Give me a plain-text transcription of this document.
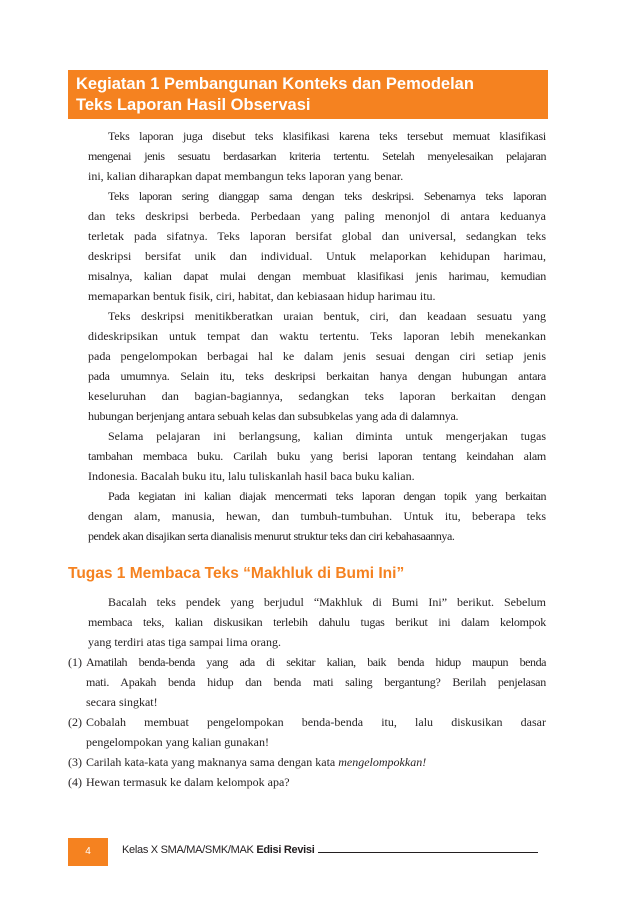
Kegiatan 1 Pembangunan Konteks dan Pemodelan
Teks Laporan Hasil Observasi
Teks laporan juga disebut teks klasifikasi karena teks tersebut memuat klasifikasi
mengenai jenis sesuatu berdasarkan kriteria tertentu. Setelah menyelesaikan pelajaran
ini, kalian diharapkan dapat membangun teks laporan yang benar.
Teks laporan sering dianggap sama dengan teks deskripsi. Sebenarnya teks laporan
dan teks deskripsi berbeda. Perbedaan yang paling menonjol di antara keduanya
terletak pada sifatnya. Teks laporan bersifat global dan universal, sedangkan teks
deskripsi bersifat unik dan individual. Untuk melaporkan kehidupan harimau,
misalnya, kalian dapat mulai dengan membuat klasifikasi jenis harimau, kemudian
memaparkan bentuk fisik, ciri, habitat, dan kebiasaan hidup harimau itu.
Teks deskripsi menitikberatkan uraian bentuk, ciri, dan keadaan sesuatu yang
dideskripsikan untuk tempat dan waktu tertentu. Teks laporan lebih menekankan
pada pengelompokan berbagai hal ke dalam jenis sesuai dengan ciri setiap jenis
pada umumnya. Selain itu, teks deskripsi berkaitan hanya dengan hubungan antara
keseluruhan dan bagian-bagiannya, sedangkan teks laporan berkaitan dengan
hubungan berjenjang antara sebuah kelas dan subsubkelas yang ada di dalamnya.
Selama pelajaran ini berlangsung, kalian diminta untuk mengerjakan tugas
tambahan membaca buku. Carilah buku yang berisi laporan tentang keindahan alam
Indonesia. Bacalah buku itu, lalu tuliskanlah hasil baca buku kalian.
Pada kegiatan ini kalian diajak mencermati teks laporan dengan topik yang berkaitan
dengan alam, manusia, hewan, dan tumbuh-tumbuhan. Untuk itu, beberapa teks
pendek akan disajikan serta dianalisis menurut struktur teks dan ciri kebahasaannya.
Tugas 1 Membaca Teks “Makhluk di Bumi Ini”
Bacalah teks pendek yang berjudul “Makhluk di Bumi Ini” berikut. Sebelum
membaca teks, kalian diskusikan terlebih dahulu tugas berikut ini dalam kelompok
yang terdiri atas tiga sampai lima orang.
(1) Amatilah benda-benda yang ada di sekitar kalian, baik benda hidup maupun benda
mati. Apakah benda hidup dan benda mati saling bergantung? Berilah penjelasan
secara singkat!
(2) Cobalah membuat pengelompokan benda-benda itu, lalu diskusikan dasar
pengelompokan yang kalian gunakan!
(3) Carilah kata-kata yang maknanya sama dengan kata mengelompokkan!
(4) Hewan termasuk ke dalam kelompok apa?
4	Kelas X SMA/MA/SMK/MAK Edisi Revisi
